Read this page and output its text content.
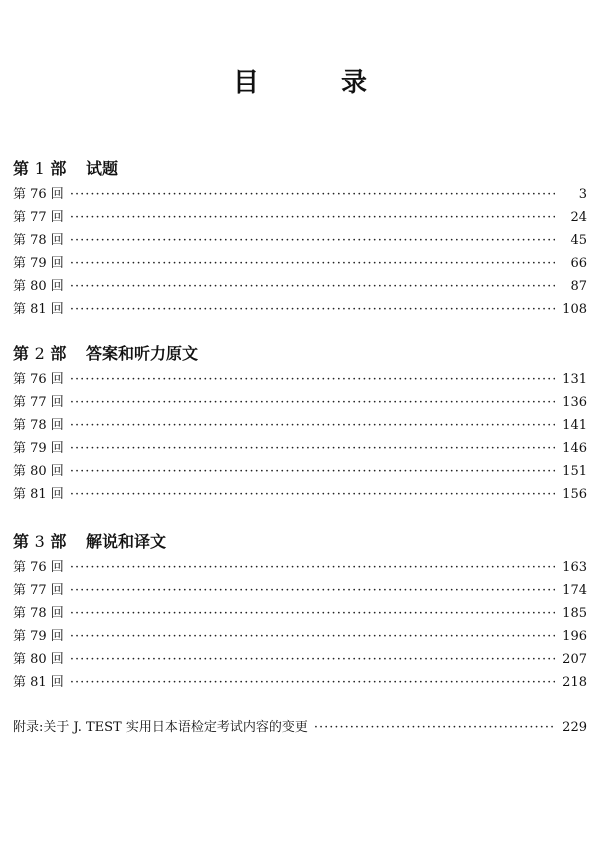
目　录
第 1 部 试题
第 76 回 ·····	3
第 77 回 ·····	24
第 78 回 ·····	45
第 79 回 ·····	66
第 80 回 ·····	87
第 81 回 ·····	108
第 2 部 答案和听力原文
第 76 回 ·····	131
第 77 回 ·····	136
第 78 回 ·····	141
第 79 回 ·····	146
第 80 回 ·····	151
第 81 回 ·····	156
第 3 部 解说和译文
第 76 回 ·····	163
第 77 回 ·····	174
第 78 回 ·····	185
第 79 回 ·····	196
第 80 回 ·····	207
第 81 回 ·····	218
附录:关于 J. TEST 实用日本语检定考试内容的变更 ·····	229
